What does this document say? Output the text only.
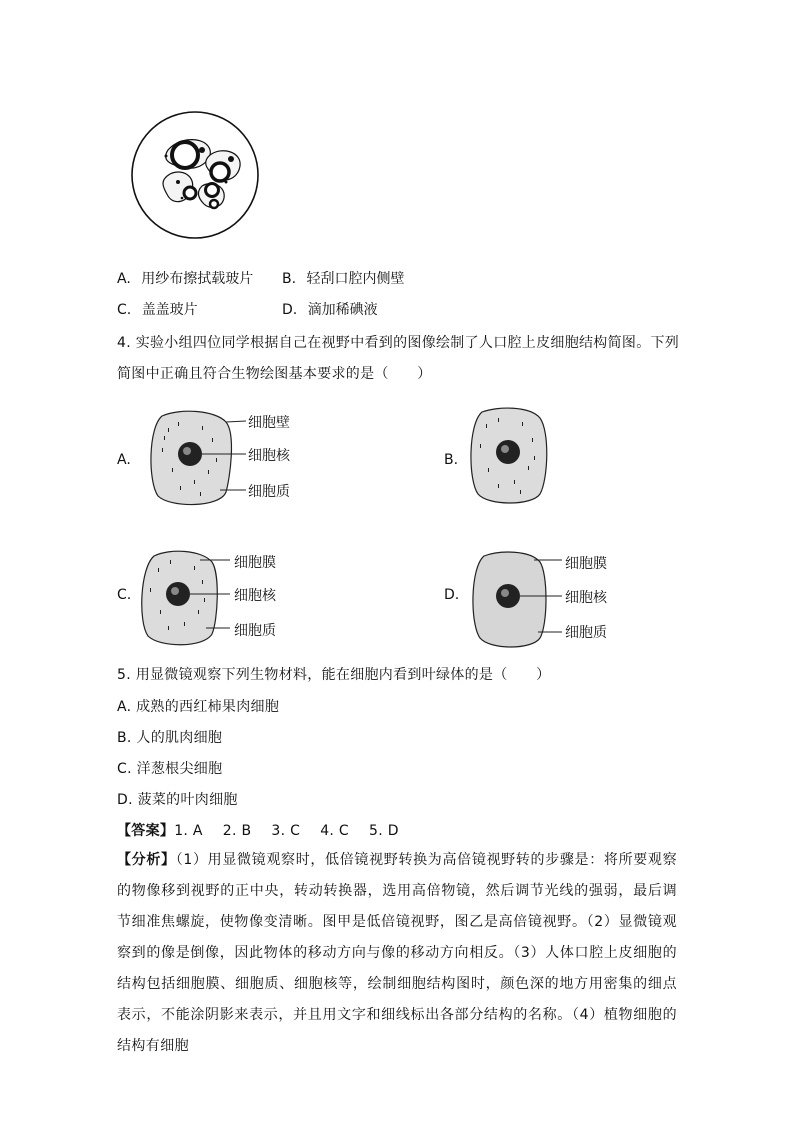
A. 用纱布擦拭载玻片 B. 轻刮口腔内侧壁
C. 盖盖玻片	D. 滴加稀碘液
4. 实验小组四位同学根据自己在视野中看到的图像绘制了人口腔上皮细胞结构简图。下列
简图中正确且符合生物绘图基本要求的是（　　）
A.
细胞壁
细胞核
细胞质
B.
C.
细胞膜
细胞核
细胞质
D.
细胞膜
细胞核
细胞质
5. 用显微镜观察下列生物材料，能在细胞内看到叶绿体的是（　　）
A. 成熟的西红柿果肉细胞
B. 人的肌肉细胞
C. 洋葱根尖细胞
D. 菠菜的叶肉细胞
【答案】1. A 2. B 3. C 4. C 5. D
【分析】（1）用显微镜观察时，低倍镜视野转换为高倍镜视野转的步骤是：将所要观察的物像移到视野的正中央，转动转换器，选用高倍物镜，然后调节光线的强弱，最后调节细准焦螺旋，使物像变清晰。图甲是低倍镜视野，图乙是高倍镜视野。（2）显微镜观察到的像是倒像，因此物体的移动方向与像的移动方向相反。（3）人体口腔上皮细胞的结构包括细胞膜、细胞质、细胞核等，绘制细胞结构图时，颜色深的地方用密集的细点表示，不能涂阴影来表示，并且用文字和细线标出各部分结构的名称。（4）植物细胞的结构有细胞
